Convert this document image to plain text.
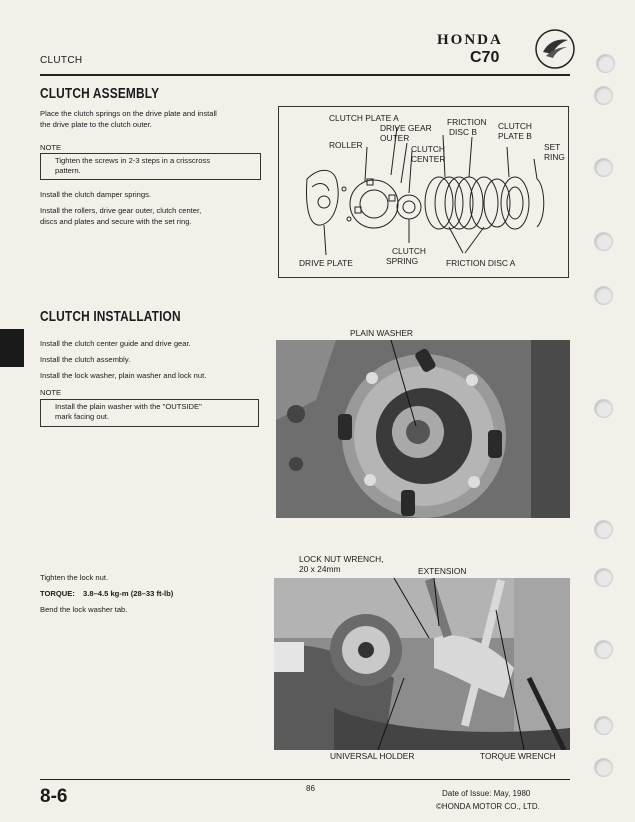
CLUTCH
HONDA
C70
CLUTCH ASSEMBLY
Place the clutch springs on the drive plate and install
the drive plate to the clutch outer.
NOTE
Tighten the screws in 2-3 steps in a crisscross
pattern.
Install the clutch damper springs.
Install the rollers, drive gear outer, clutch center,
discs and plates and secure with the set ring.
CLUTCH PLATE A
DRIVE GEAR
OUTER
FRICTION
DISC B
CLUTCH
PLATE B
ROLLER	CLUTCH
CENTER
SET
RING
CLUTCH
SPRING
DRIVE PLATE	FRICTION DISC A
CLUTCH INSTALLATION
Install the clutch center guide and drive gear.
Install the clutch assembly.
Install the lock washer, plain washer and lock nut.
NOTE
Install the plain washer with the "OUTSIDE"
mark facing out.
PLAIN WASHER
Tighten the lock nut.
TORQUE: 3.8–4.5 kg-m (28–33 ft-lb)
Bend the lock washer tab.
LOCK NUT WRENCH,
20 x 24mm	EXTENSION
UNIVERSAL HOLDER	TORQUE WRENCH
8-6	86
Date of Issue: May, 1980
©HONDA MOTOR CO., LTD.
